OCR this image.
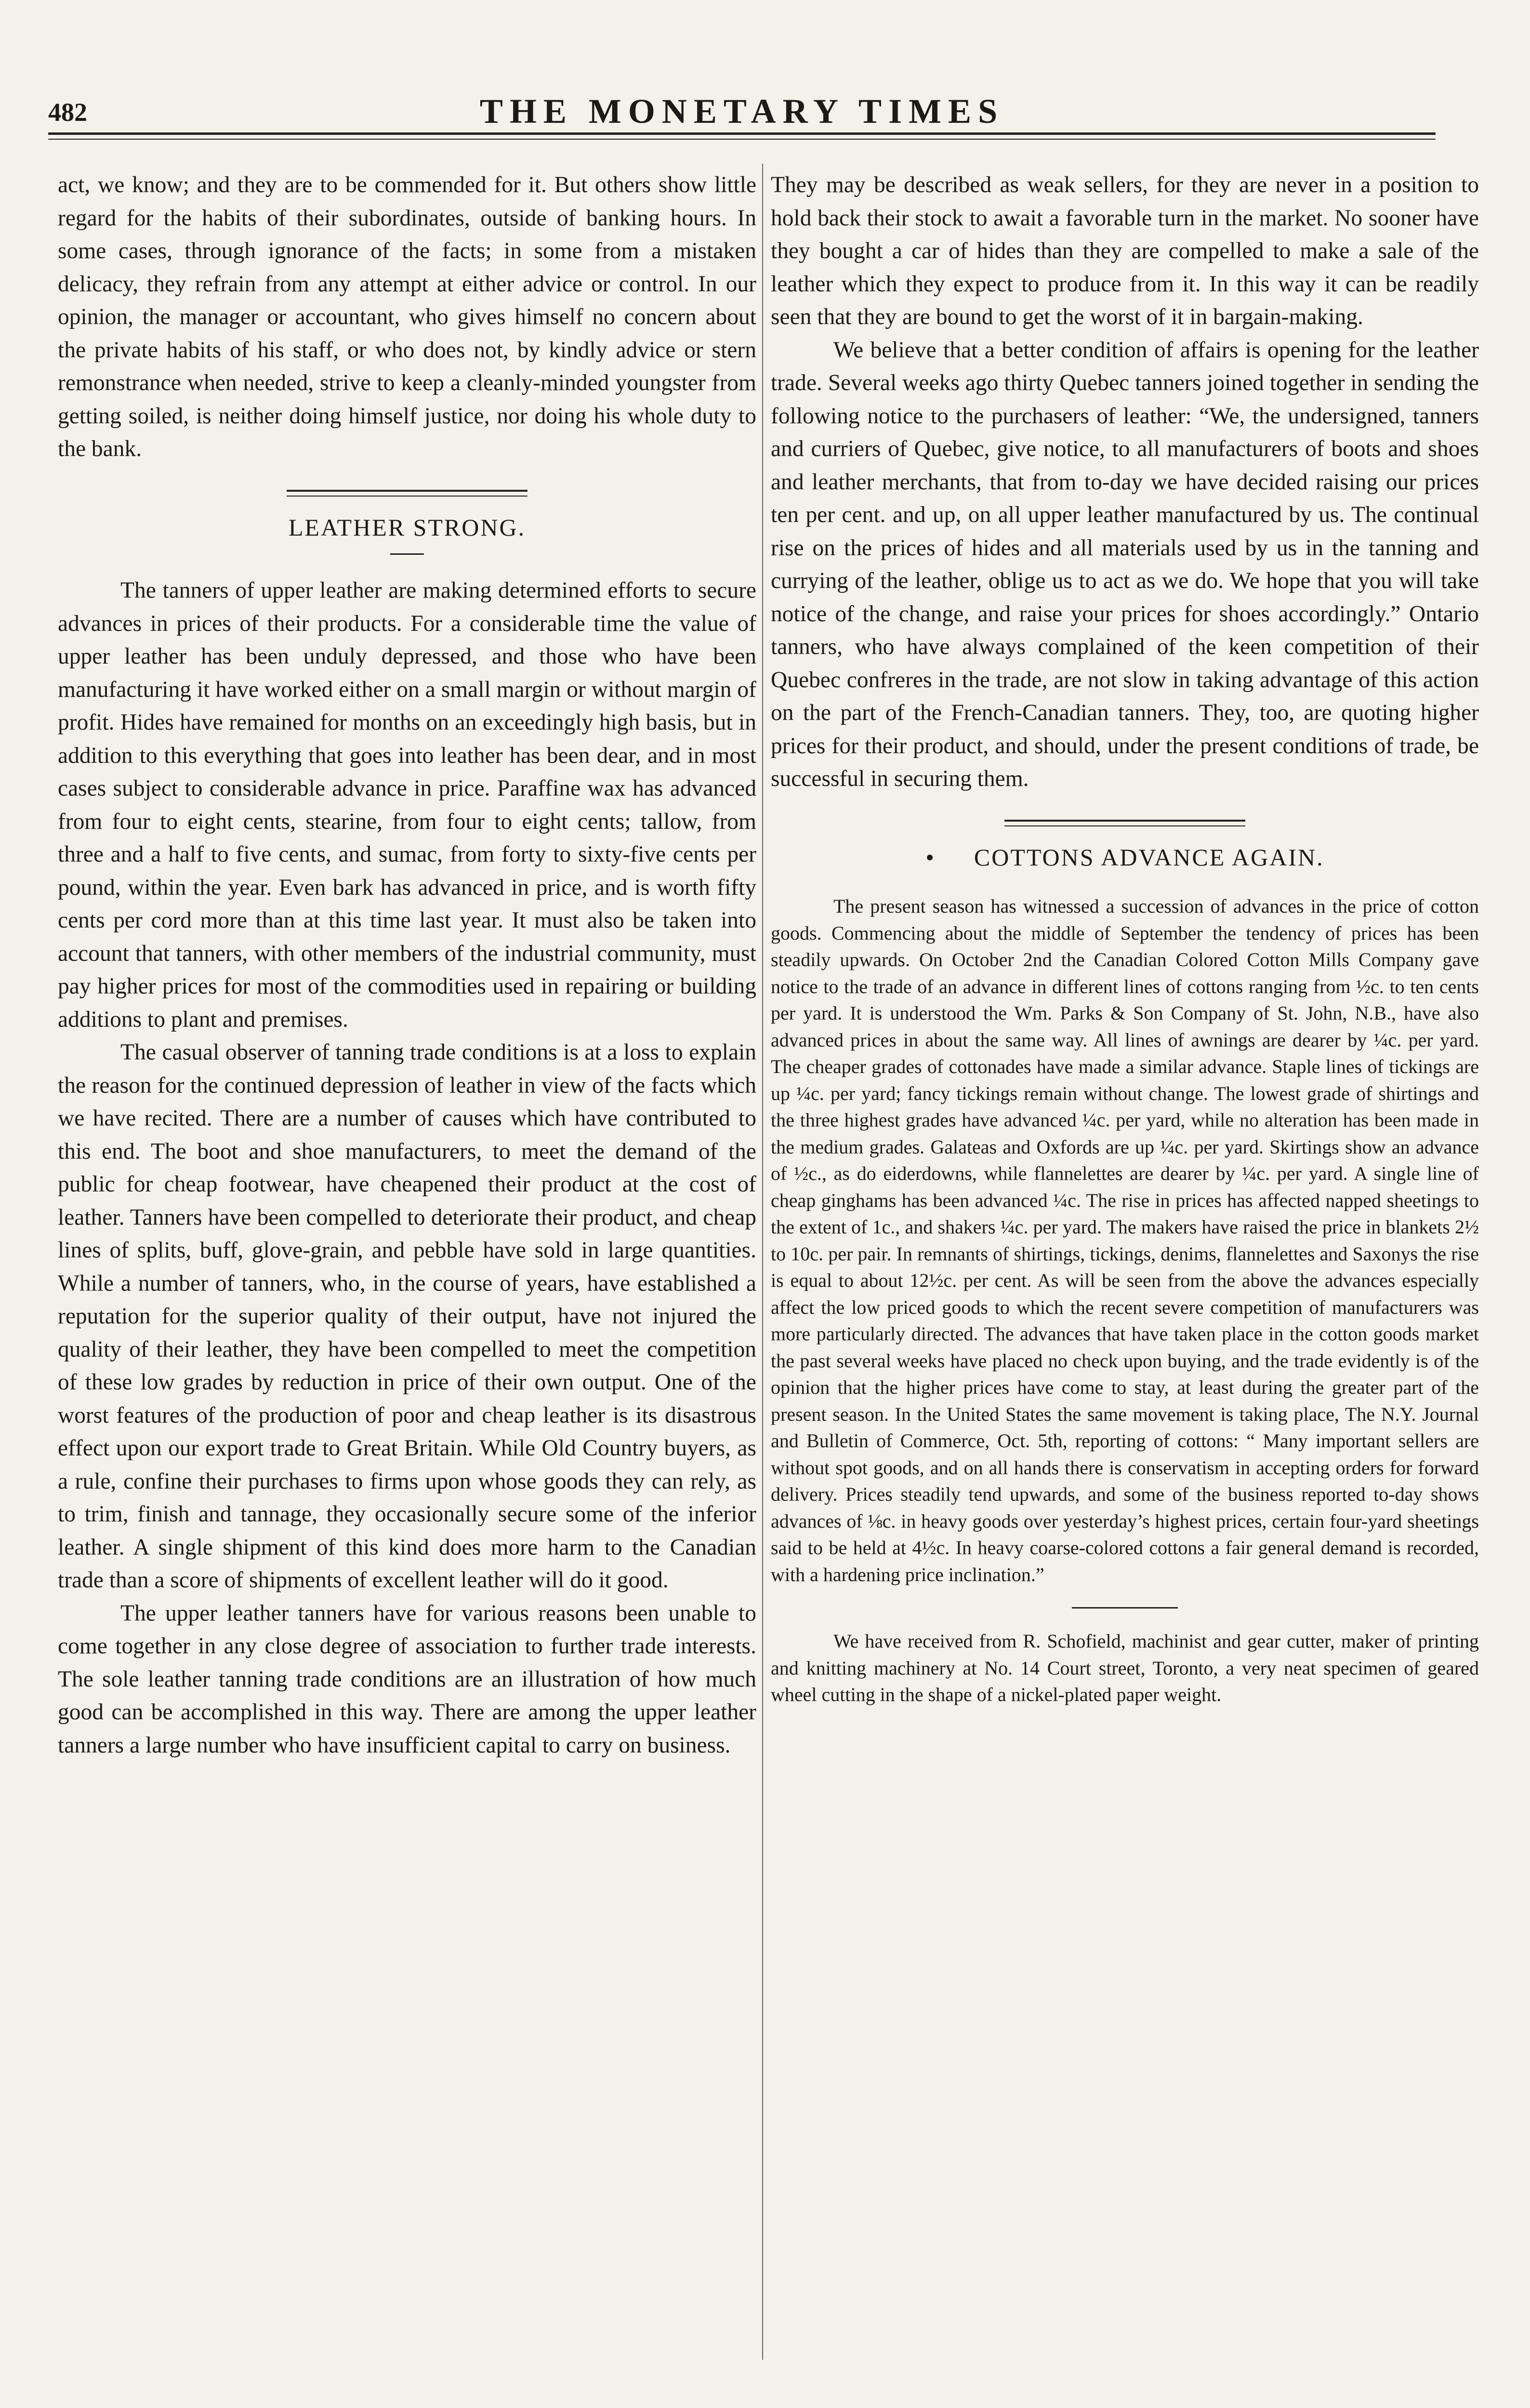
482	THE MONETARY TIMES

act, we know; and they are to be commended for it. But others show little regard for the habits of their subordinates, outside of banking hours. In some cases, through ignorance of the facts; in some from a mistaken delicacy, they refrain from any attempt at either advice or control. In our opinion, the manager or accountant, who gives himself no concern about the private habits of his staff, or who does not, by kindly advice or stern remonstrance when needed, strive to keep a cleanly-minded youngster from getting soiled, is neither doing himself justice, nor doing his whole duty to the bank.

LEATHER STRONG.

The tanners of upper leather are making determined efforts to secure advances in prices of their products. For a considerable time the value of upper leather has been unduly depressed, and those who have been manufacturing it have worked either on a small margin or without margin of profit. Hides have remained for months on an exceedingly high basis, but in addition to this everything that goes into leather has been dear, and in most cases subject to considerable advance in price. Paraffine wax has advanced from four to eight cents, stearine, from four to eight cents; tallow, from three and a half to five cents, and sumac, from forty to sixty-five cents per pound, within the year. Even bark has advanced in price, and is worth fifty cents per cord more than at this time last year. It must also be taken into account that tanners, with other members of the industrial community, must pay higher prices for most of the commodities used in repairing or building additions to plant and premises.

The casual observer of tanning trade conditions is at a loss to explain the reason for the continued depression of leather in view of the facts which we have recited. There are a number of causes which have contributed to this end. The boot and shoe manufacturers, to meet the demand of the public for cheap footwear, have cheapened their product at the cost of leather. Tanners have been compelled to deteriorate their product, and cheap lines of splits, buff, glove-grain, and pebble have sold in large quantities. While a number of tanners, who, in the course of years, have established a reputation for the superior quality of their output, have not injured the quality of their leather, they have been compelled to meet the competition of these low grades by reduction in price of their own output. One of the worst features of the production of poor and cheap leather is its disastrous effect upon our export trade to Great Britain. While Old Country buyers, as a rule, confine their purchases to firms upon whose goods they can rely, as to trim, finish and tannage, they occasionally secure some of the inferior leather. A single shipment of this kind does more harm to the Canadian trade than a score of shipments of excellent leather will do it good.

The upper leather tanners have for various reasons been unable to come together in any close degree of association to further trade interests. The sole leather tanning trade conditions are an illustration of how much good can be accomplished in this way. There are among the upper leather tanners a large number who have insufficient capital to carry on business.

They may be described as weak sellers, for they are never in a position to hold back their stock to await a favorable turn in the market. No sooner have they bought a car of hides than they are compelled to make a sale of the leather which they expect to produce from it. In this way it can be readily seen that they are bound to get the worst of it in bargain-making.

We believe that a better condition of affairs is opening for the leather trade. Several weeks ago thirty Quebec tanners joined together in sending the following notice to the purchasers of leather: “We, the undersigned, tanners and curriers of Quebec, give notice, to all manufacturers of boots and shoes and leather merchants, that from to-day we have decided raising our prices ten per cent. and up, on all upper leather manufactured by us. The continual rise on the prices of hides and all materials used by us in the tanning and currying of the leather, oblige us to act as we do. We hope that you will take notice of the change, and raise your prices for shoes accordingly.” Ontario tanners, who have always complained of the keen competition of their Quebec confreres in the trade, are not slow in taking advantage of this action on the part of the French-Canadian tanners. They, too, are quoting higher prices for their product, and should, under the present conditions of trade, be successful in securing them.

• COTTONS ADVANCE AGAIN.

The present season has witnessed a succession of advances in the price of cotton goods. Commencing about the middle of September the tendency of prices has been steadily upwards. On October 2nd the Canadian Colored Cotton Mills Company gave notice to the trade of an advance in different lines of cottons ranging from ½c. to ten cents per yard. It is understood the Wm. Parks & Son Company of St. John, N.B., have also advanced prices in about the same way. All lines of awnings are dearer by ¼c. per yard. The cheaper grades of cottonades have made a similar advance. Staple lines of tickings are up ¼c. per yard; fancy tickings remain without change. The lowest grade of shirtings and the three highest grades have advanced ¼c. per yard, while no alteration has been made in the medium grades. Galateas and Oxfords are up ¼c. per yard. Skirtings show an advance of ½c., as do eiderdowns, while flannelettes are dearer by ¼c. per yard. A single line of cheap ginghams has been advanced ¼c. The rise in prices has affected napped sheetings to the extent of 1c., and shakers ¼c. per yard. The makers have raised the price in blankets 2½ to 10c. per pair. In remnants of shirtings, tickings, denims, flannelettes and Saxonys the rise is equal to about 12½c. per cent. As will be seen from the above the advances especially affect the low priced goods to which the recent severe competition of manufacturers was more particularly directed. The advances that have taken place in the cotton goods market the past several weeks have placed no check upon buying, and the trade evidently is of the opinion that the higher prices have come to stay, at least during the greater part of the present season. In the United States the same movement is taking place, The N.Y. Journal and Bulletin of Commerce, Oct. 5th, reporting of cottons: “ Many important sellers are without spot goods, and on all hands there is conservatism in accepting orders for forward delivery. Prices steadily tend upwards, and some of the business reported to-day shows advances of ⅛c. in heavy goods over yesterday’s highest prices, certain four-yard sheetings said to be held at 4½c. In heavy coarse-colored cottons a fair general demand is recorded, with a hardening price inclination.”

We have received from R. Schofield, machinist and gear cutter, maker of printing and knitting machinery at No. 14 Court street, Toronto, a very neat specimen of geared wheel cutting in the shape of a nickel-plated paper weight.
